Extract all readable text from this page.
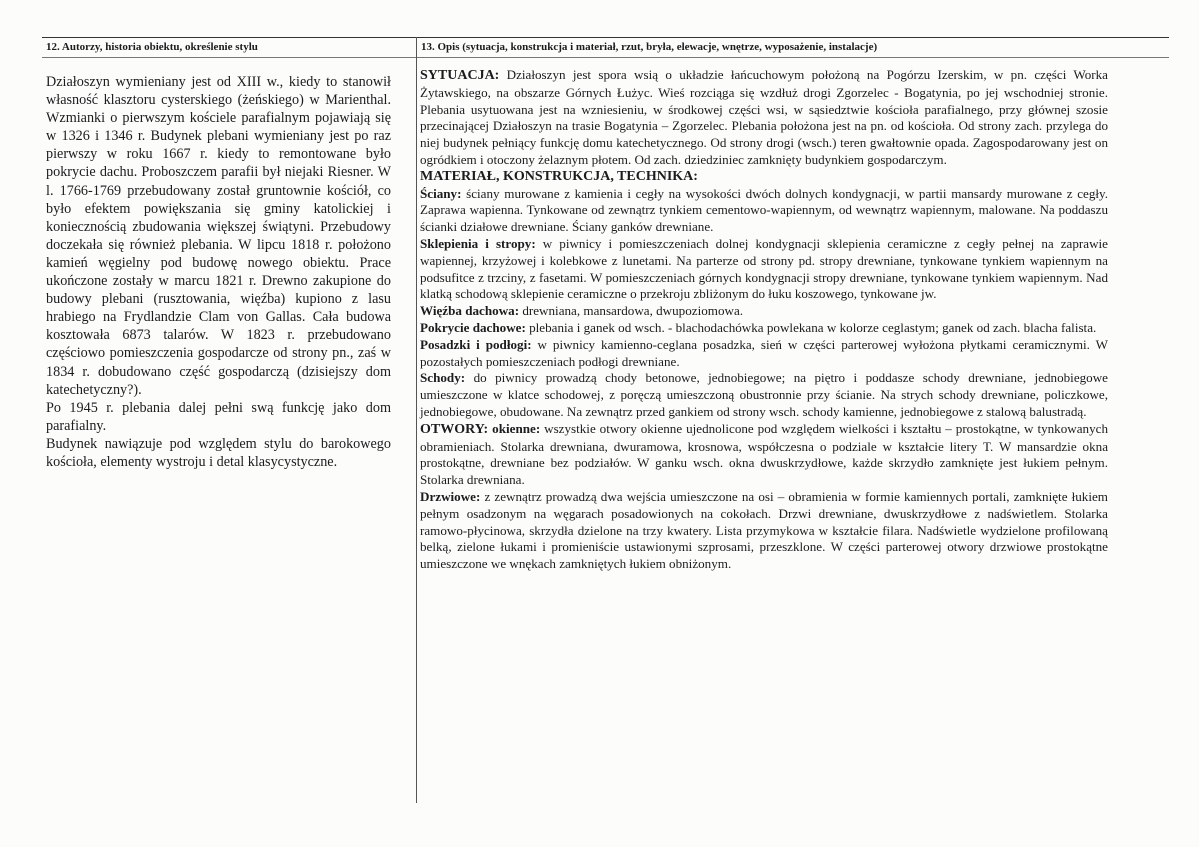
12. Autorzy, historia obiektu, określenie stylu	13. Opis (sytuacja, konstrukcja i materiał, rzut, bryła, elewacje, wnętrze, wyposażenie, instalacje)

Działoszyn wymieniany jest od XIII w., kiedy to stanowił własność klasztoru cysterskiego (żeńskiego) w Marienthal. Wzmianki o pierwszym kościele parafialnym pojawiają się w 1326 i 1346 r. Budynek plebani wymieniany jest po raz pierwszy w roku 1667 r. kiedy to remontowane było pokrycie dachu. Proboszczem parafii był niejaki Riesner. W l. 1766-1769 przebudowany został gruntownie kościół, co było efektem powiększania się gminy katolickiej i koniecznością zbudowania większej świątyni. Przebudowy doczekała się również plebania. W lipcu 1818 r. położono kamień węgielny pod budowę nowego obiektu. Prace ukończone zostały w marcu 1821 r. Drewno zakupione do budowy plebani (rusztowania, więźba) kupiono z lasu hrabiego na Frydlandzie Clam von Gallas. Cała budowa kosztowała 6873 talarów. W 1823 r. przebudowano częściowo pomieszczenia gospodarcze od strony pn., zaś w 1834 r. dobudowano część gospodarczą (dzisiejszy dom katechetyczny?).

Po 1945 r. plebania dalej pełni swą funkcję jako dom parafialny.

Budynek nawiązuje pod względem stylu do barokowego kościoła, elementy wystroju i detal klasycystyczne.

SYTUACJA: Działoszyn jest spora wsią o układzie łańcuchowym położoną na Pogórzu Izerskim, w pn. części Worka Żytawskiego, na obszarze Górnych Łużyc. Wieś rozciąga się wzdłuż drogi Zgorzelec - Bogatynia, po jej wschodniej stronie. Plebania usytuowana jest na wzniesieniu, w środkowej części wsi, w sąsiedztwie kościoła parafialnego, przy głównej szosie przecinającej Działoszyn na trasie Bogatynia – Zgorzelec. Plebania położona jest na pn. od kościoła. Od strony zach. przylega do niej budynek pełniący funkcję domu katechetycznego. Od strony drogi (wsch.) teren gwałtownie opada. Zagospodarowany jest on ogródkiem i otoczony żelaznym płotem. Od zach. dziedziniec zamknięty budynkiem gospodarczym.

MATERIAŁ, KONSTRUKCJA, TECHNIKA:

Ściany: ściany murowane z kamienia i cegły na wysokości dwóch dolnych kondygnacji, w partii mansardy murowane z cegły. Zaprawa wapienna. Tynkowane od zewnątrz tynkiem cementowo-wapiennym, od wewnątrz wapiennym, malowane. Na poddaszu ścianki działowe drewniane. Ściany ganków drewniane.

Sklepienia i stropy: w piwnicy i pomieszczeniach dolnej kondygnacji sklepienia ceramiczne z cegły pełnej na zaprawie wapiennej, krzyżowej i kolebkowe z lunetami. Na parterze od strony pd. stropy drewniane, tynkowane tynkiem wapiennym na podsufitce z trzciny, z fasetami. W pomieszczeniach górnych kondygnacji stropy drewniane, tynkowane tynkiem wapiennym. Nad klatką schodową sklepienie ceramiczne o przekroju zbliżonym do łuku koszowego, tynkowane jw.

Więźba dachowa: drewniana, mansardowa, dwupoziomowa.

Pokrycie dachowe: plebania i ganek od wsch. - blachodachówka powlekana w kolorze ceglastym; ganek od zach. blacha falista.

Posadzki i podłogi: w piwnicy kamienno-ceglana posadzka, sień w części parterowej wyłożona płytkami ceramicznymi. W pozostałych pomieszczeniach podłogi drewniane.

Schody: do piwnicy prowadzą chody betonowe, jednobiegowe; na piętro i poddasze schody drewniane, jednobiegowe umieszczone w klatce schodowej, z poręczą umieszczoną obustronnie przy ścianie. Na strych schody drewniane, policzkowe, jednobiegowe, obudowane. Na zewnątrz przed gankiem od strony wsch. schody kamienne, jednobiegowe z stalową balustradą.

OTWORY: okienne: wszystkie otwory okienne ujednolicone pod względem wielkości i kształtu – prostokątne, w tynkowanych obramieniach. Stolarka drewniana, dwuramowa, krosnowa, współczesna o podziale w kształcie litery T. W mansardzie okna prostokątne, drewniane bez podziałów. W ganku wsch. okna dwuskrzydłowe, każde skrzydło zamknięte jest łukiem pełnym. Stolarka drewniana.

Drzwiowe: z zewnątrz prowadzą dwa wejścia umieszczone na osi – obramienia w formie kamiennych portali, zamknięte łukiem pełnym osadzonym na węgarach posadowionych na cokołach. Drzwi drewniane, dwuskrzydłowe z nadświetlem. Stolarka ramowo-płycinowa, skrzydła dzielone na trzy kwatery. Lista przymykowa w kształcie filara. Nadświetle wydzielone profilowaną belką, zielone łukami i promieniście ustawionymi szprosami, przeszklone. W części parterowej otwory drzwiowe prostokątne umieszczone we wnękach zamkniętych łukiem obniżonym.
